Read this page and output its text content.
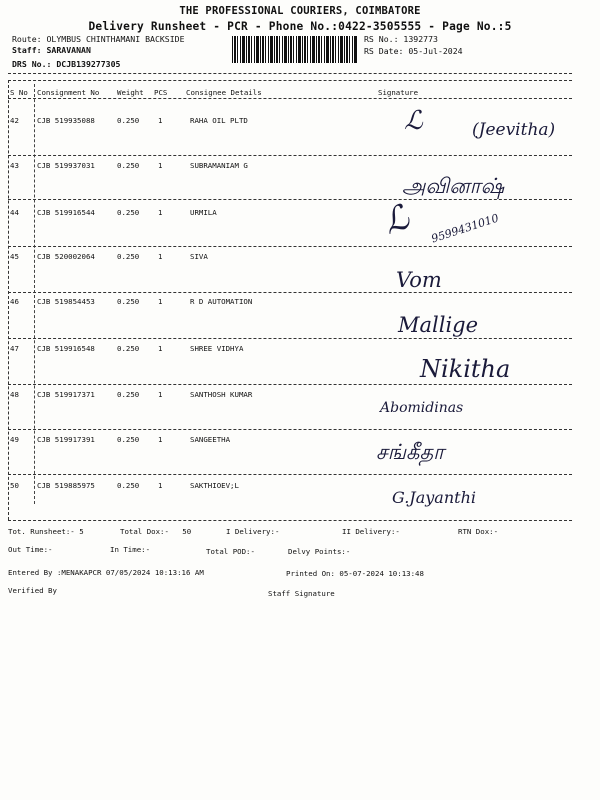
THE PROFESSIONAL COURIERS, COIMBATORE
Delivery Runsheet - PCR - Phone No.:0422-3505555 - Page No.:5
Route: OLYMBUS CHINTHAMANI BACKSIDE
Staff: SARAVANAN
DRS No.: DCJB139277305
RS No.: 1392773
RS Date: 05-Jul-2024
S No Consignment No Weight PCS	Consignee Details	Signature
42 CJB 519935088	0.250	1	RAHA OIL PLTD	ℒ	(Jeevitha)
43 CJB 519937031	0.250	1	SUBRAMANIAM G
அவினாஷ்
44 CJB 519916544	0.250	1	URMILA	ℒ 9599431010
45 CJB 520002064	0.250	1	SIVA
Vom
46 CJB 519854453	0.250	1	R D AUTOMATION
Mallige
47 CJB 519916548	0.250	1	SHREE VIDHYA
Nikitha
48 CJB 519917371	0.250	1	SANTHOSH KUMAR
Abomidinas
49 CJB 519917391	0.250	1	SANGEETHA
சங்கீதா
50 CJB 519885975	0.250	1	SAKTHIOEV;L
G.Jayanthi
Tot. Runsheet:- 5	Total Dox:-   50	I Delivery:-	II Delivery:-	RTN Dox:-
Out Time:-	In Time:-	Total POD:-	Delvy Points:-
Entered By :MENAKAPCR 07/05/2024 10:13:16 AM	Printed On: 05-07-2024 10:13:48
Verified By	Staff Signature
